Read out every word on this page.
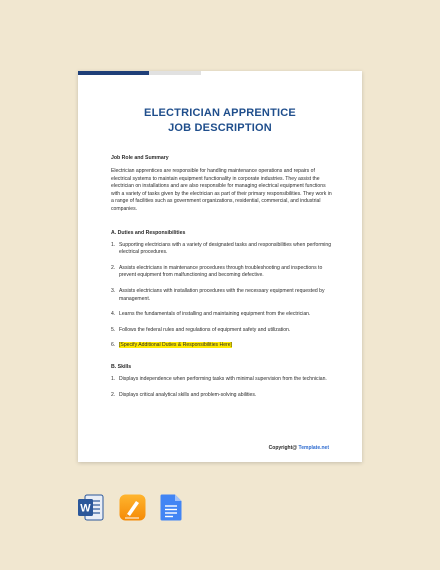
ELECTRICIAN APPRENTICE
JOB DESCRIPTION

Job Role and Summary

Electrician apprentices are responsible for handling maintenance operations and repairs of electrical systems to maintain equipment functionality in corporate industries. They assist the electrician on installations and are also responsible for managing electrical equipment functions with a variety of tasks given by the electrician as part of their primary responsibilities. They work in a range of facilities such as government organizations, residential, commercial, and industrial companies.

A. Duties and Responsibilities

1. Supporting electricians with a variety of designated tasks and responsibilities when performing electrical procedures.
2. Assists electricians in maintenance procedures through troubleshooting and inspections to prevent equipment from malfunctioning and becoming defective.
3. Assists electricians with installation procedures with the necessary equipment requested by management.
4. Learns the fundamentals of installing and maintaining equipment from the electrician.
5. Follows the federal rules and regulations of equipment safety and utilization.
6. [Specify Additional Duties & Responsibilities Here]

B. Skills

1. Displays independence when performing tasks with minimal supervision from the technician.
2. Displays critical analytical skills and problem-solving abilities.
Copyright@ Template.net
W
